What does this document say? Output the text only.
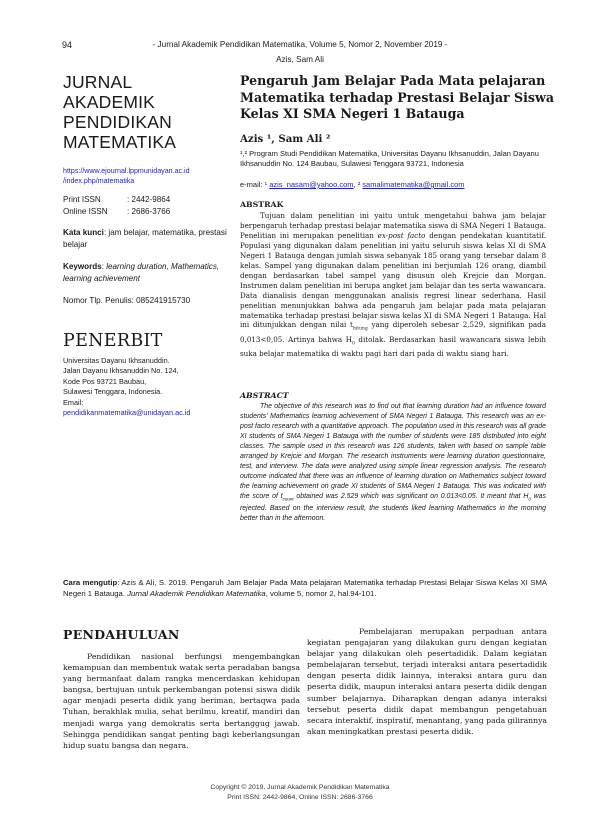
94	- Jurnal Akademik Pendidikan Matematika, Volume 5, Nomor 2, November 2019 -
Azis, Sam Ali
JURNAL
AKADEMIK
PENDIDIKAN
MATEMATIKA
https://www.ejournal.lppmunidayan.ac.id
/index.php/matematika
Print ISSN	: 2442-9864
Online ISSN : 2686-3766
Kata kunci: jam belajar, matematika, prestasi belajar
Keywords: learning duration, Mathematics, learning achievement
Nomor Tlp. Penulis: 085241915730
PENERBIT
Universitas Dayanu Ikhsanuddin.
Jalan Dayanu Ikhsanuddin No. 124,
Kode Pos 93721 Baubau,
Sulawesi Tenggara, Indonesia.
Email:
pendidikanmatematika@unidayan.ac.id
Pengaruh Jam Belajar Pada Mata pelajaran Matematika terhadap Prestasi Belajar Siswa Kelas XI SMA Negeri 1 Batauga
Azis ¹, Sam Ali ²
¹,² Program Studi Pendidikan Matematika, Universitas Dayanu Ikhsanuddin, Jalan Dayanu Ikhsanuddin No. 124 Baubau, Sulawesi Tenggara 93721, Indonesia
e-mail: ¹ azis_nasam@yahoo.com, ² samalimatematika@gmail.com
ABSTRAK
Tujuan dalam penelitian ini yaitu untuk mengetahui bahwa jam belajar berpengaruh terhadap prestasi belajar matematika siswa di SMA Negeri 1 Batauga. Penelitian ini merupakan penelitian ex-post facto dengan pendekatan kuantitatif. Populasi yang digunakan dalam penelitian ini yaitu seluruh siswa kelas XI di SMA Negeri 1 Batauga dengan jumlah siswa sebanyak 185 orang yang tersebar dalam 8 kelas. Sampel yang digunakan dalam penelitian ini berjumlah 126 orang, diambil dengan berdasarkan tabel sampel yang disusun oleh Krejcie dan Morgan. Instrumen dalam penelitian ini berupa angket jam belajar dan tes serta wawancara. Data dianalisis dengan menggunakan analisis regresi linear sederhana. Hasil penelitian menunjukkan bahwa ada pengaruh jam belajar pada mata pelajaran matematika terhadap prestasi belajar siswa kelas XI di SMA Negeri 1 Batauga. Hal ini ditunjukkan dengan nilai $t_{hitung}$ yang diperoleh sebesar 2,529, signifikan pada 0,013<0,05. Artinya bahwa $H_0$ ditolak. Berdasarkan hasil wawancara siswa lebih suka belajar matematika di waktu pagi hari dari pada di waktu siang hari.
ABSTRACT
The objective of this research was to find out that learning duration had an influence toward students' Mathematics learning achievement of SMA Negeri 1 Batauga. This research was an ex-post facto research with a quantitative approach. The population used in this research was all grade XI students of SMA Negeri 1 Batauga with the number of students were 185 distributed into eight classes. The sample used in this research was 126 students, taken with based on sample table arranged by Krejcie and Morgan. The research instruments were learning duration questionnaire, test, and interview. The data were analyzed using simple linear regression analysis. The research outcome indicated that there was an influence of learning duration on Mathematics subject toward the learning achievement on grade XI students of SMA Negeri 1 Batauga. This was indicated with the score of $t_{count}$ obtained was 2.529 which was significant on 0.013<0.05. It meant that $H_0$ was rejected. Based on the interview result, the students liked learning Mathematics in the morning better than in the afternoon.
Cara mengutip: Azis & Ali, S. 2019. Pengaruh Jam Belajar Pada Mata pelajaran Matematika terhadap Prestasi Belajar Siswa Kelas XI SMA Negeri 1 Batauga. Jurnal Akademik Pendidikan Matematika, volume 5, nomor 2, hal.94-101.
PENDAHULUAN
Pendidikan nasional berfungsi mengembangkan kemampuan dan membentuk watak serta peradaban bangsa yang bermanfaat dalam rangka mencerdaskan kehidupan bangsa, bertujuan untuk perkembangan potensi siswa didik agar menjadi peserta didik yang beriman, bertaqwa pada Tuhan, berakhlak mulia, sehat berilmu, kreatif, mandiri dan menjadi warga yang demokratis serta bertanggug jawab. Sehingga pendidikan sangat penting bagi keberlangsungan hidup suatu bangsa dan negara.
Pembelajaran merupakan perpaduan antara kegiatan pengajaran yang dilakukan guru dengan kegiatan belajar yang dilakukan oleh pesertadidik. Dalam kegiatan pembelajaran tersebut, terjadi interaksi antara pesertadidik dengan peserta didik lainnya, interaksi antara guru dan peserta didik, maupun interaksi antara peserta didik dengan sumber belajarnya. Diharapkan dengan adanya interaksi tersebut peserta didik dapat membangun pengetahuan secara interaktif, inspiratif, menantang, yang pada gilirannya akan meningkatkan prestasi peserta didik.
Copyright © 2019, Jurnal Akademik Pendidikan Matematika
Print ISSN: 2442-9864, Online ISSN: 2686-3766
